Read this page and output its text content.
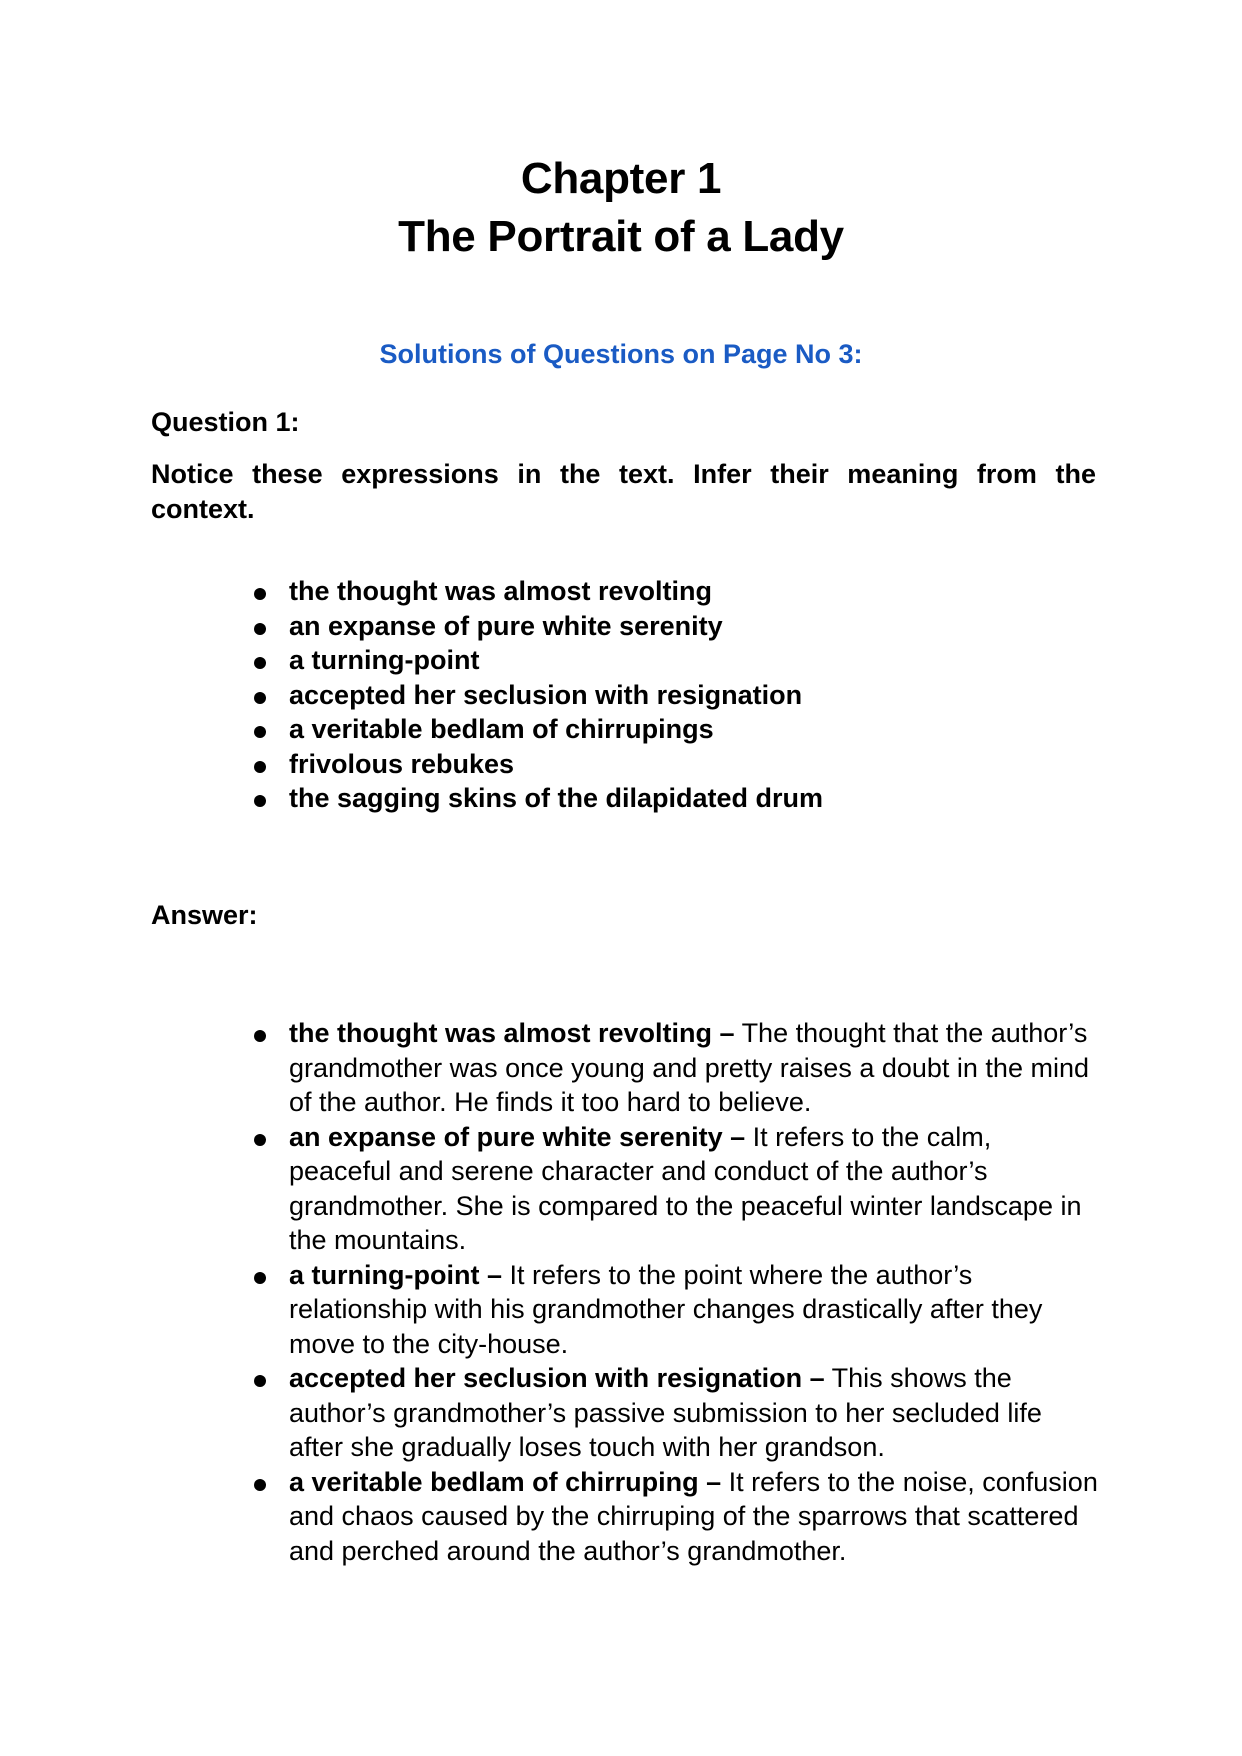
Chapter 1
The Portrait of a Lady
Solutions of Questions on Page No 3:
Question 1:
Notice these expressions in the text. Infer their meaning from the context.
the thought was almost revolting
an expanse of pure white serenity
a turning-point
accepted her seclusion with resignation
a veritable bedlam of chirrupings
frivolous rebukes
the sagging skins of the dilapidated drum
Answer:
the thought was almost revolting – The thought that the author’s grandmother was once young and pretty raises a doubt in the mind of the author. He finds it too hard to believe.
an expanse of pure white serenity – It refers to the calm, peaceful and serene character and conduct of the author’s grandmother. She is compared to the peaceful winter landscape in the mountains.
a turning-point – It refers to the point where the author’s relationship with his grandmother changes drastically after they move to the city-house.
accepted her seclusion with resignation – This shows the author’s grandmother’s passive submission to her secluded life after she gradually loses touch with her grandson.
a veritable bedlam of chirruping – It refers to the noise, confusion and chaos caused by the chirruping of the sparrows that scattered and perched around the author’s grandmother.
